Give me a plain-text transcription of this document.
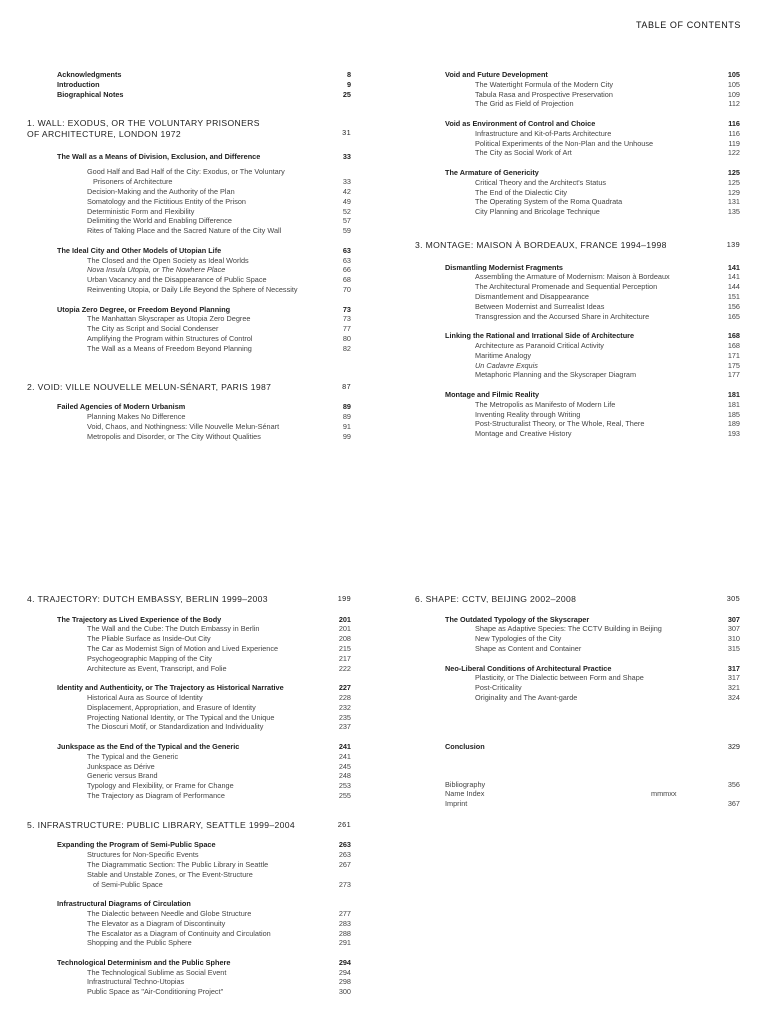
TABLE OF CONTENTS
Acknowledgments	8
Introduction	9
Biographical Notes	25
1. WALL: EXODUS, OR THE VOLUNTARY PRISONERS OF ARCHITECTURE, LONDON 1972	31
The Wall as a Means of Division, Exclusion, and Difference	33
Good Half and Bad Half of the City: Exodus, or The Voluntary
Prisoners of Architecture	33
Decision-Making and the Authority of the Plan	42
Somatology and the Fictitious Entity of the Prison	49
Deterministic Form and Flexibility	52
Delimiting the World and Enabling Difference	57
Rites of Taking Place and the Sacred Nature of the City Wall	59
The Ideal City and Other Models of Utopian Life	63
The Closed and the Open Society as Ideal Worlds	63
Nova Insula Utopia, or The Nowhere Place	66
Urban Vacancy and the Disappearance of Public Space	68
Reinventing Utopia, or Daily Life Beyond the Sphere of Necessity	70
Utopia Zero Degree, or Freedom Beyond Planning	73
The Manhattan Skyscraper as Utopia Zero Degree	73
The City as Script and Social Condenser	77
Amplifying the Program within Structures of Control	80
The Wall as a Means of Freedom Beyond Planning	82
2. VOID: VILLE NOUVELLE MELUN-SÉNART, PARIS 1987	87
Failed Agencies of Modern Urbanism	89
Planning Makes No Difference	89
Void, Chaos, and Nothingness: Ville Nouvelle Melun-Sénart	91
Metropolis and Disorder, or The City Without Qualities	99
Void and Future Development	105
The Watertight Formula of the Modern City	105
Tabula Rasa and Prospective Preservation	109
The Grid as Field of Projection	112
Void as Environment of Control and Choice	116
Infrastructure and Kit-of-Parts Architecture	116
Political Experiments of the Non-Plan and the Unhouse	119
The City as Social Work of Art	122
The Armature of Genericity	125
Critical Theory and the Architect's Status	125
The End of the Dialectic City	129
The Operating System of the Roma Quadrata	131
City Planning and Bricolage Technique	135
3. MONTAGE: MAISON À BORDEAUX, FRANCE 1994–1998	139
Dismantling Modernist Fragments	141
Assembling the Armature of Modernism: Maison à Bordeaux	141
The Architectural Promenade and Sequential Perception	144
Dismantlement and Disappearance	151
Between Modernist and Surrealist Ideas	156
Transgression and the Accursed Share in Architecture	165
Linking the Rational and Irrational Side of Architecture	168
Architecture as Paranoid Critical Activity	168
Maritime Analogy	171
Un Cadavre Exquis	175
Metaphoric Planning and the Skyscraper Diagram	177
Montage and Filmic Reality	181
The Metropolis as Manifesto of Modern Life	181
Inventing Reality through Writing	185
Post-Structuralist Theory, or The Whole, Real, There	189
Montage and Creative History	193
4. TRAJECTORY: DUTCH EMBASSY, BERLIN 1999–2003	199
The Trajectory as Lived Experience of the Body	201
The Wall and the Cube: The Dutch Embassy in Berlin	201
The Pliable Surface as Inside-Out City	208
The Car as Modernist Sign of Motion and Lived Experience	215
Psychogeographic Mapping of the City	217
Architecture as Event, Transcript, and Folie	222
Identity and Authenticity, or The Trajectory as Historical Narrative	227
Historical Aura as Source of Identity	228
Displacement, Appropriation, and Erasure of Identity	232
Projecting National Identity, or The Typical and the Unique	235
The Dioscuri Motif, or Standardization and Individuality	237
Junkspace as the End of the Typical and the Generic	241
The Typical and the Generic	241
Junkspace as Dérive	245
Generic versus Brand	248
Typology and Flexibility, or Frame for Change	253
The Trajectory as Diagram of Performance	255
5. INFRASTRUCTURE: PUBLIC LIBRARY, SEATTLE 1999–2004	261
Expanding the Program of Semi-Public Space	263
Structures for Non-Specific Events	263
The Diagrammatic Section: The Public Library in Seattle	267
Stable and Unstable Zones, or The Event-Structure
of Semi-Public Space	273
Infrastructural Diagrams of Circulation
The Dialectic between Needle and Globe Structure	277
The Elevator as a Diagram of Discontinuity	283
The Escalator as a Diagram of Continuity and Circulation	288
Shopping and the Public Sphere	291
Technological Determinism and the Public Sphere	294
The Technological Sublime as Social Event	294
Infrastructural Techno-Utopias	298
Public Space as "Air-Conditioning Project"	300
6. SHAPE: CCTV, BEIJING 2002–2008	305
The Outdated Typology of the Skyscraper	307
Shape as Adaptive Species: The CCTV Building in Beijing	307
New Typologies of the City	310
Shape as Content and Container	315
Neo-Liberal Conditions of Architectural Practice	317
Plasticity, or The Dialectic between Form and Shape	317
Post-Criticality	321
Originality and The Avant-garde	324
Conclusion	329
Bibliography	356
Name Index	mmmxx
Imprint	367
